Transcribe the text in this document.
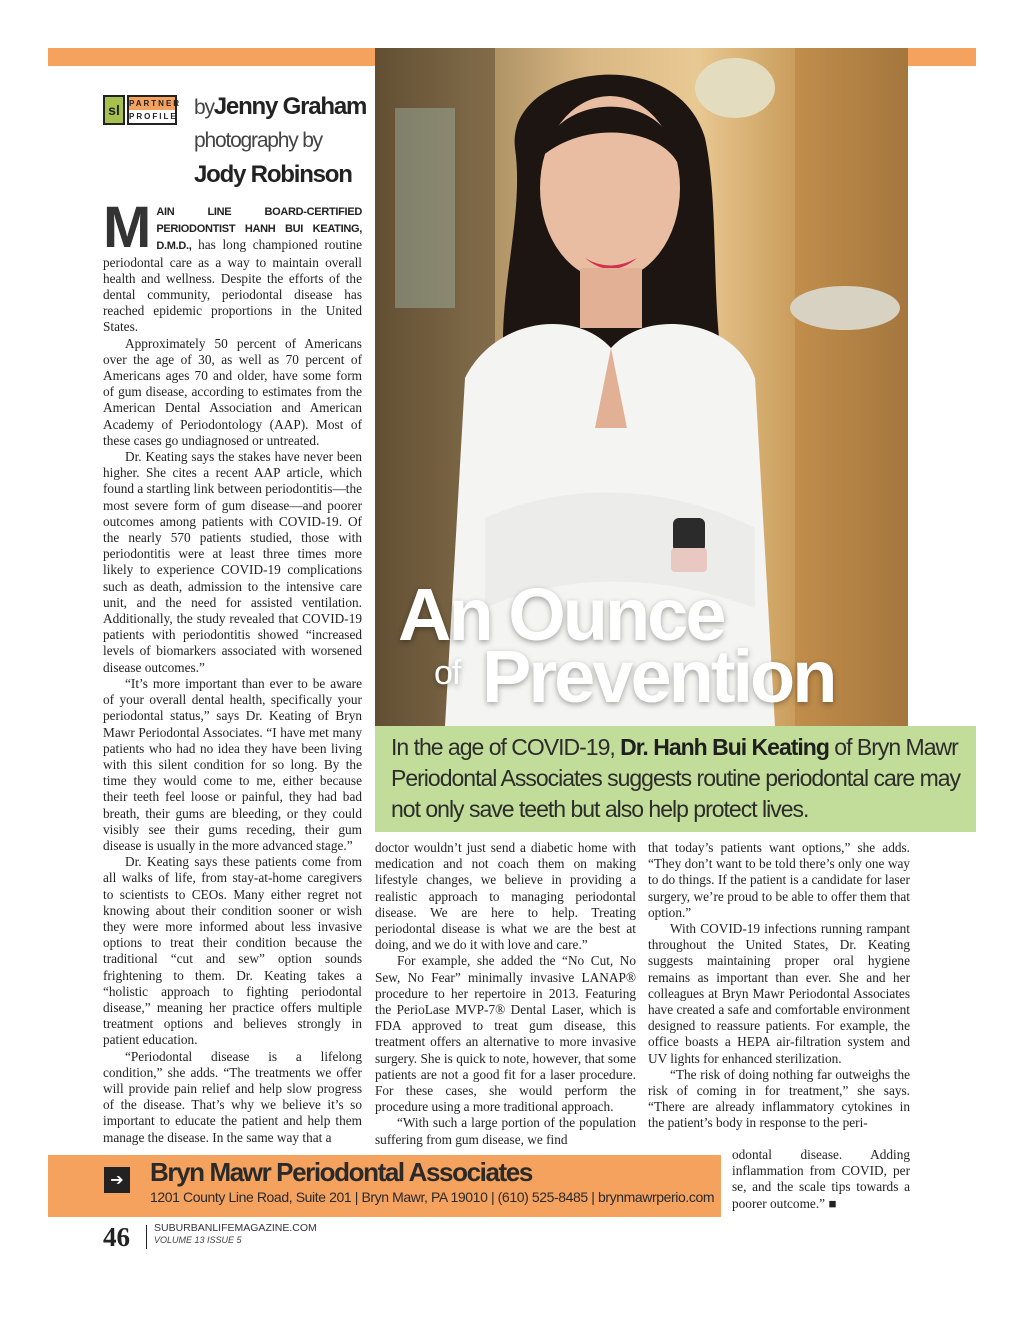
An Ounce
of Prevention
In the age of COVID-19, Dr. Hanh Bui Keating of Bryn Mawr Periodontal Associates suggests routine periodontal care may not only save teeth but also help protect lives.
sl	PARTNER
PROFILE byJenny Graham
photography by
Jody Robinson

MAIN LINE BOARD-CERTIFIED PERIODONTIST HANH BUI KEATING, D.M.D., has long championed routine periodontal care as a way to maintain overall health and wellness. Despite the efforts of the dental community, periodontal disease has reached epidemic proportions in the United States.

Approximately 50 percent of Americans over the age of 30, as well as 70 percent of Americans ages 70 and older, have some form of gum disease, according to estimates from the American Dental Association and American Academy of Periodontology (AAP). Most of these cases go undiagnosed or untreated.

Dr. Keating says the stakes have never been higher. She cites a recent AAP article, which found a startling link between periodontitis—the most severe form of gum disease—and poorer outcomes among patients with COVID-19. Of the nearly 570 patients studied, those with periodontitis were at least three times more likely to experience COVID-19 complications such as death, admission to the intensive care unit, and the need for assisted ventilation. Additionally, the study revealed that COVID-19 patients with periodontitis showed “increased levels of biomarkers associated with worsened disease outcomes.”

“It’s more important than ever to be aware of your overall dental health, specifically your periodontal status,” says Dr. Keating of Bryn Mawr Periodontal Associates. “I have met many patients who had no idea they have been living with this silent condition for so long. By the time they would come to me, either because their teeth feel loose or painful, they had bad breath, their gums are bleeding, or they could visibly see their gums receding, their gum disease is usually in the more advanced stage.”

Dr. Keating says these patients come from all walks of life, from stay-at-home caregivers to scientists to CEOs. Many either regret not knowing about their condition sooner or wish they were more informed about less invasive options to treat their condition because the traditional “cut and sew” option sounds frightening to them. Dr. Keating takes a “holistic approach to fighting periodontal disease,” meaning her practice offers multiple treatment options and believes strongly in patient education.

“Periodontal disease is a lifelong condition,” she adds. “The treatments we offer will provide pain relief and help slow progress of the disease. That’s why we believe it’s so important to educate the patient and help them manage the disease. In the same way that a

doctor wouldn’t just send a diabetic home with medication and not coach them on making lifestyle changes, we believe in providing a realistic approach to managing periodontal disease. We are here to help. Treating periodontal disease is what we are the best at doing, and we do it with love and care.”

For example, she added the “No Cut, No Sew, No Fear” minimally invasive LANAP® procedure to her repertoire in 2013. Featuring the PerioLase MVP-7® Dental Laser, which is FDA approved to treat gum disease, this treatment offers an alternative to more invasive surgery. She is quick to note, however, that some patients are not a good fit for a laser procedure. For these cases, she would perform the procedure using a more traditional approach.

“With such a large portion of the population suffering from gum disease, we find

that today’s patients want options,” she adds. “They don’t want to be told there’s only one way to do things. If the patient is a candidate for laser surgery, we’re proud to be able to offer them that option.”

With COVID-19 infections running rampant throughout the United States, Dr. Keating suggests maintaining proper oral hygiene remains as important than ever. She and her colleagues at Bryn Mawr Periodontal Associates have created a safe and comfortable environment designed to reassure patients. For example, the office boasts a HEPA air-filtration system and UV lights for enhanced sterilization.

“The risk of doing nothing far outweighs the risk of coming in for treatment,” she says. “There are already inflammatory cytokines in the patient’s body in response to the peri-

odontal disease. Adding inflammation from COVID, per se, and the scale tips towards a poorer outcome.” ■

➔ Bryn Mawr Periodontal Associates
1201 County Line Road, Suite 201 | Bryn Mawr, PA 19010 | (610) 525-8485 | brynmawrperio.com
46 SUBURBANLIFEMAGAZINE.COM
VOLUME 13 ISSUE 5
